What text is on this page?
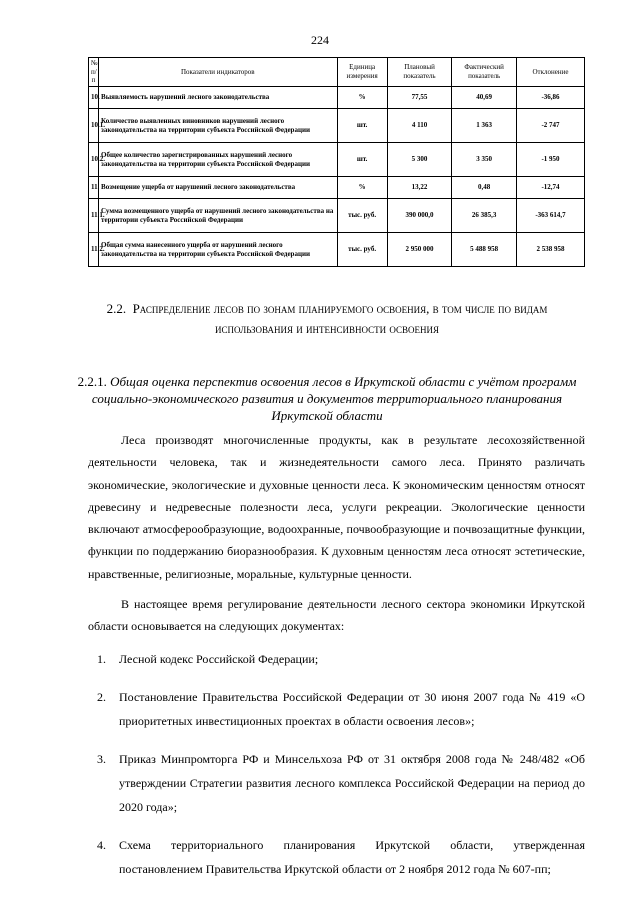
224
№ п/п	Показатели индикаторов	Единица измерения	Плановый показатель	Фактический показатель	Отклонение
10.	Выявляемость нарушений лесного законодательства	%	77,55	40,69	-36,86
10.1.	Количество выявленных виновников нарушений лесного законодательства на территории субъекта Российской Федерации	шт.	4 110	1 363	-2 747
10.2.	Общее количество зарегистрированных нарушений лесного законодательства на территории субъекта Российской Федерации	шт.	5 300	3 350	-1 950
11.	Возмещение ущерба от нарушений лесного законодательства	%	13,22	0,48	-12,74
11.1.	Сумма возмещенного ущерба от нарушений лесного законодательства на территории субъекта Российской Федерации	тыс. руб.	390 000,0	26 385,3	-363 614,7
11.2.	Общая сумма нанесенного ущерба от нарушений лесного законодательства на территории субъекта Российской Федерации	тыс. руб.	2 950 000	5 488 958	2 538 958
2.2. Распределение лесов по зонам планируемого освоения, в том числе по видам использования и интенсивности освоения
2.2.1. Общая оценка перспектив освоения лесов в Иркутской области с учётом программ социально-экономического развития и документов территориального планирования Иркутской области

Леса производят многочисленные продукты, как в результате лесохозяйственной деятельности человека, так и жизнедеятельности самого леса. Принято различать экономические, экологические и духовные ценности леса. К экономическим ценностям относят древесину и недревесные полезности леса, услуги рекреации. Экологические ценности включают атмосферообразующие, водоохранные, почвообразующие и почвозащитные функции, функции по поддержанию биоразнообразия. К духовным ценностям леса относят эстетические, нравственные, религиозные, моральные, культурные ценности.

В настоящее время регулирование деятельности лесного сектора экономики Иркутской области основывается на следующих документах:

1. Лесной кодекс Российской Федерации;
2. Постановление Правительства Российской Федерации от 30 июня 2007 года № 419 «О приоритетных инвестиционных проектах в области освоения лесов»;
3. Приказ Минпромторга РФ и Минсельхоза РФ от 31 октября 2008 года № 248/482 «Об утверждении Стратегии развития лесного комплекса Российской Федерации на период до 2020 года»;
4. Схема территориального планирования Иркутской области, утвержденная постановлением Правительства Иркутской области от 2 ноября 2012 года № 607-пп;
